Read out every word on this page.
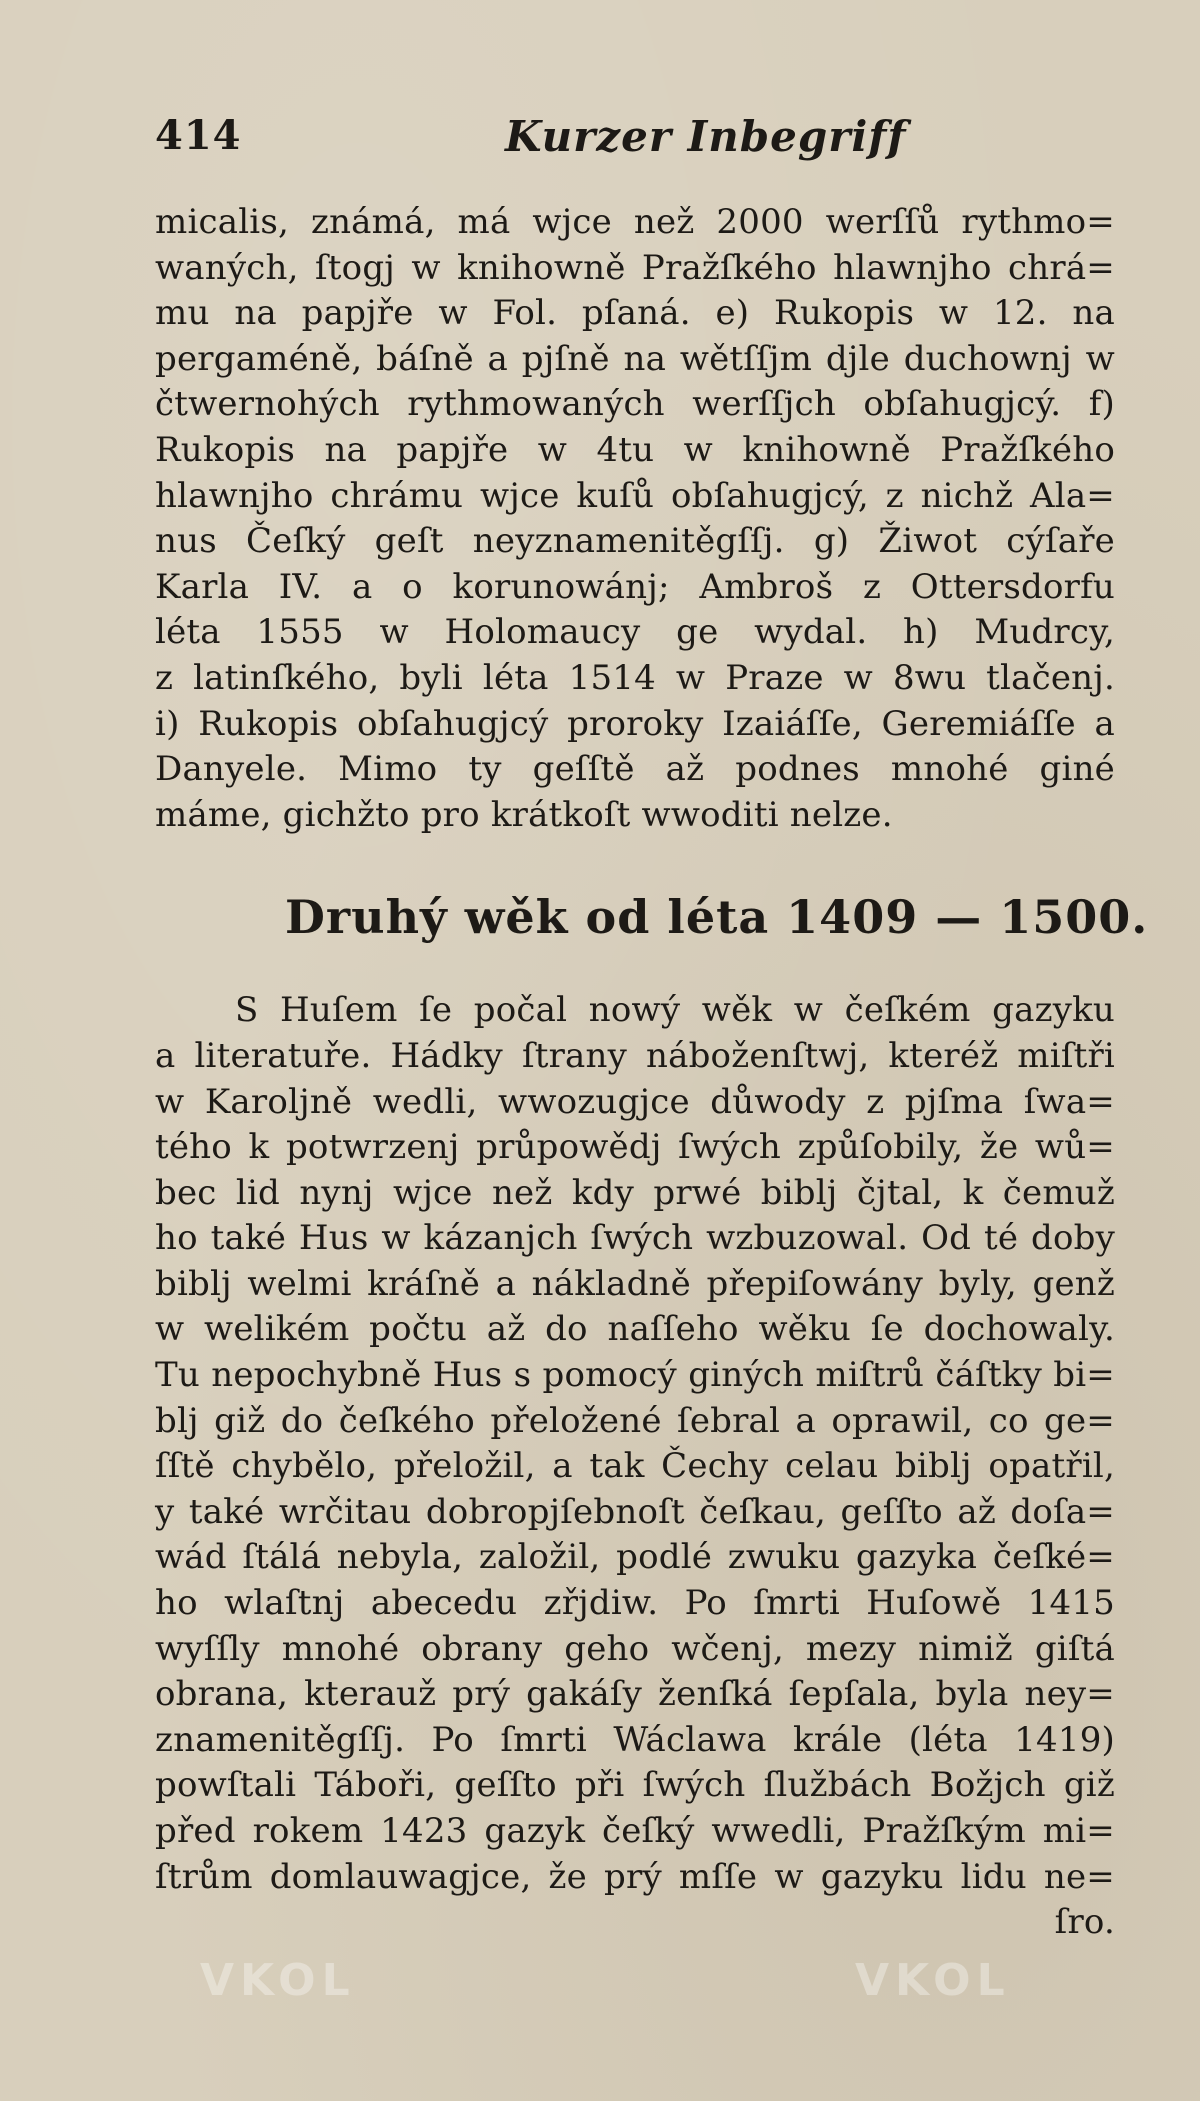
414	Kurzer Inbegriff
micalis, známá, má wjce než 2000 werſſů rythmo=
waných, ſtogj w knihowně Pražſkého hlawnjho chrá=
mu na papjře w Fol. pſaná. e) Rukopis w 12. na
pergaméně, báſně a pjſně na wětſſjm djle duchownj w
čtwernohých rythmowaných werſſjch obſahugjcý. f)
Rukopis na papjře w 4tu w knihowně Pražſkého
hlawnjho chrámu wjce kuſů obſahugjcý, z nichž Ala=
nus Čeſký geſt neyznamenitěgſſj. g) Žiwot cýſaře
Karla IV. a o korunowánj; Ambroš z Ottersdorfu
léta 1555 w Holomaucy ge wydal. h) Mudrcy,
z latinſkého, byli léta 1514 w Praze w 8wu tlačenj.
i) Rukopis obſahugjcý proroky Izaiáſſe, Geremiáſſe a
Danyele. Mimo ty geſſtě až podnes mnohé giné
máme, gichžto pro krátkoſt wwoditi nelze.
Druhý wěk od léta 1409 — 1500.
S Huſem ſe počal nowý wěk w čeſkém gazyku
a literatuře. Hádky ſtrany náboženſtwj, kteréž miſtři
w Karoljně wedli, wwozugjce důwody z pjſma ſwa=
tého k potwrzenj průpowědj ſwých způſobily, že wů=
bec lid nynj wjce než kdy prwé biblj čjtal, k čemuž
ho také Hus w kázanjch ſwých wzbuzowal. Od té doby
biblj welmi kráſně a nákladně přepiſowány byly, genž
w welikém počtu až do naſſeho wěku ſe dochowaly.
Tu nepochybně Hus s pomocý giných miſtrů čáſtky bi=
blj giž do čeſkého přeložené ſebral a oprawil, co ge=
ſſtě chybělo, přeložil, a tak Čechy celau biblj opatřil,
y také wrčitau dobropjſebnoſt čeſkau, geſſto až doſa=
wád ſtálá nebyla, založil, podlé zwuku gazyka čeſké=
ho wlaſtnj abecedu zřjdiw. Po ſmrti Huſowě 1415
wyſſly mnohé obrany geho wčenj, mezy nimiž giſtá
obrana, kterauž prý gakáſy ženſká ſepſala, byla ney=
znamenitěgſſj. Po ſmrti Wáclawa krále (léta 1419)
powſtali Táboři, geſſto při ſwých ſlužbách Božjch giž
před rokem 1423 gazyk čeſký wwedli, Pražſkým mi=
ſtrům domlauwagjce, že prý mſſe w gazyku lidu ne=
ſro.
VKOL	VKOL
